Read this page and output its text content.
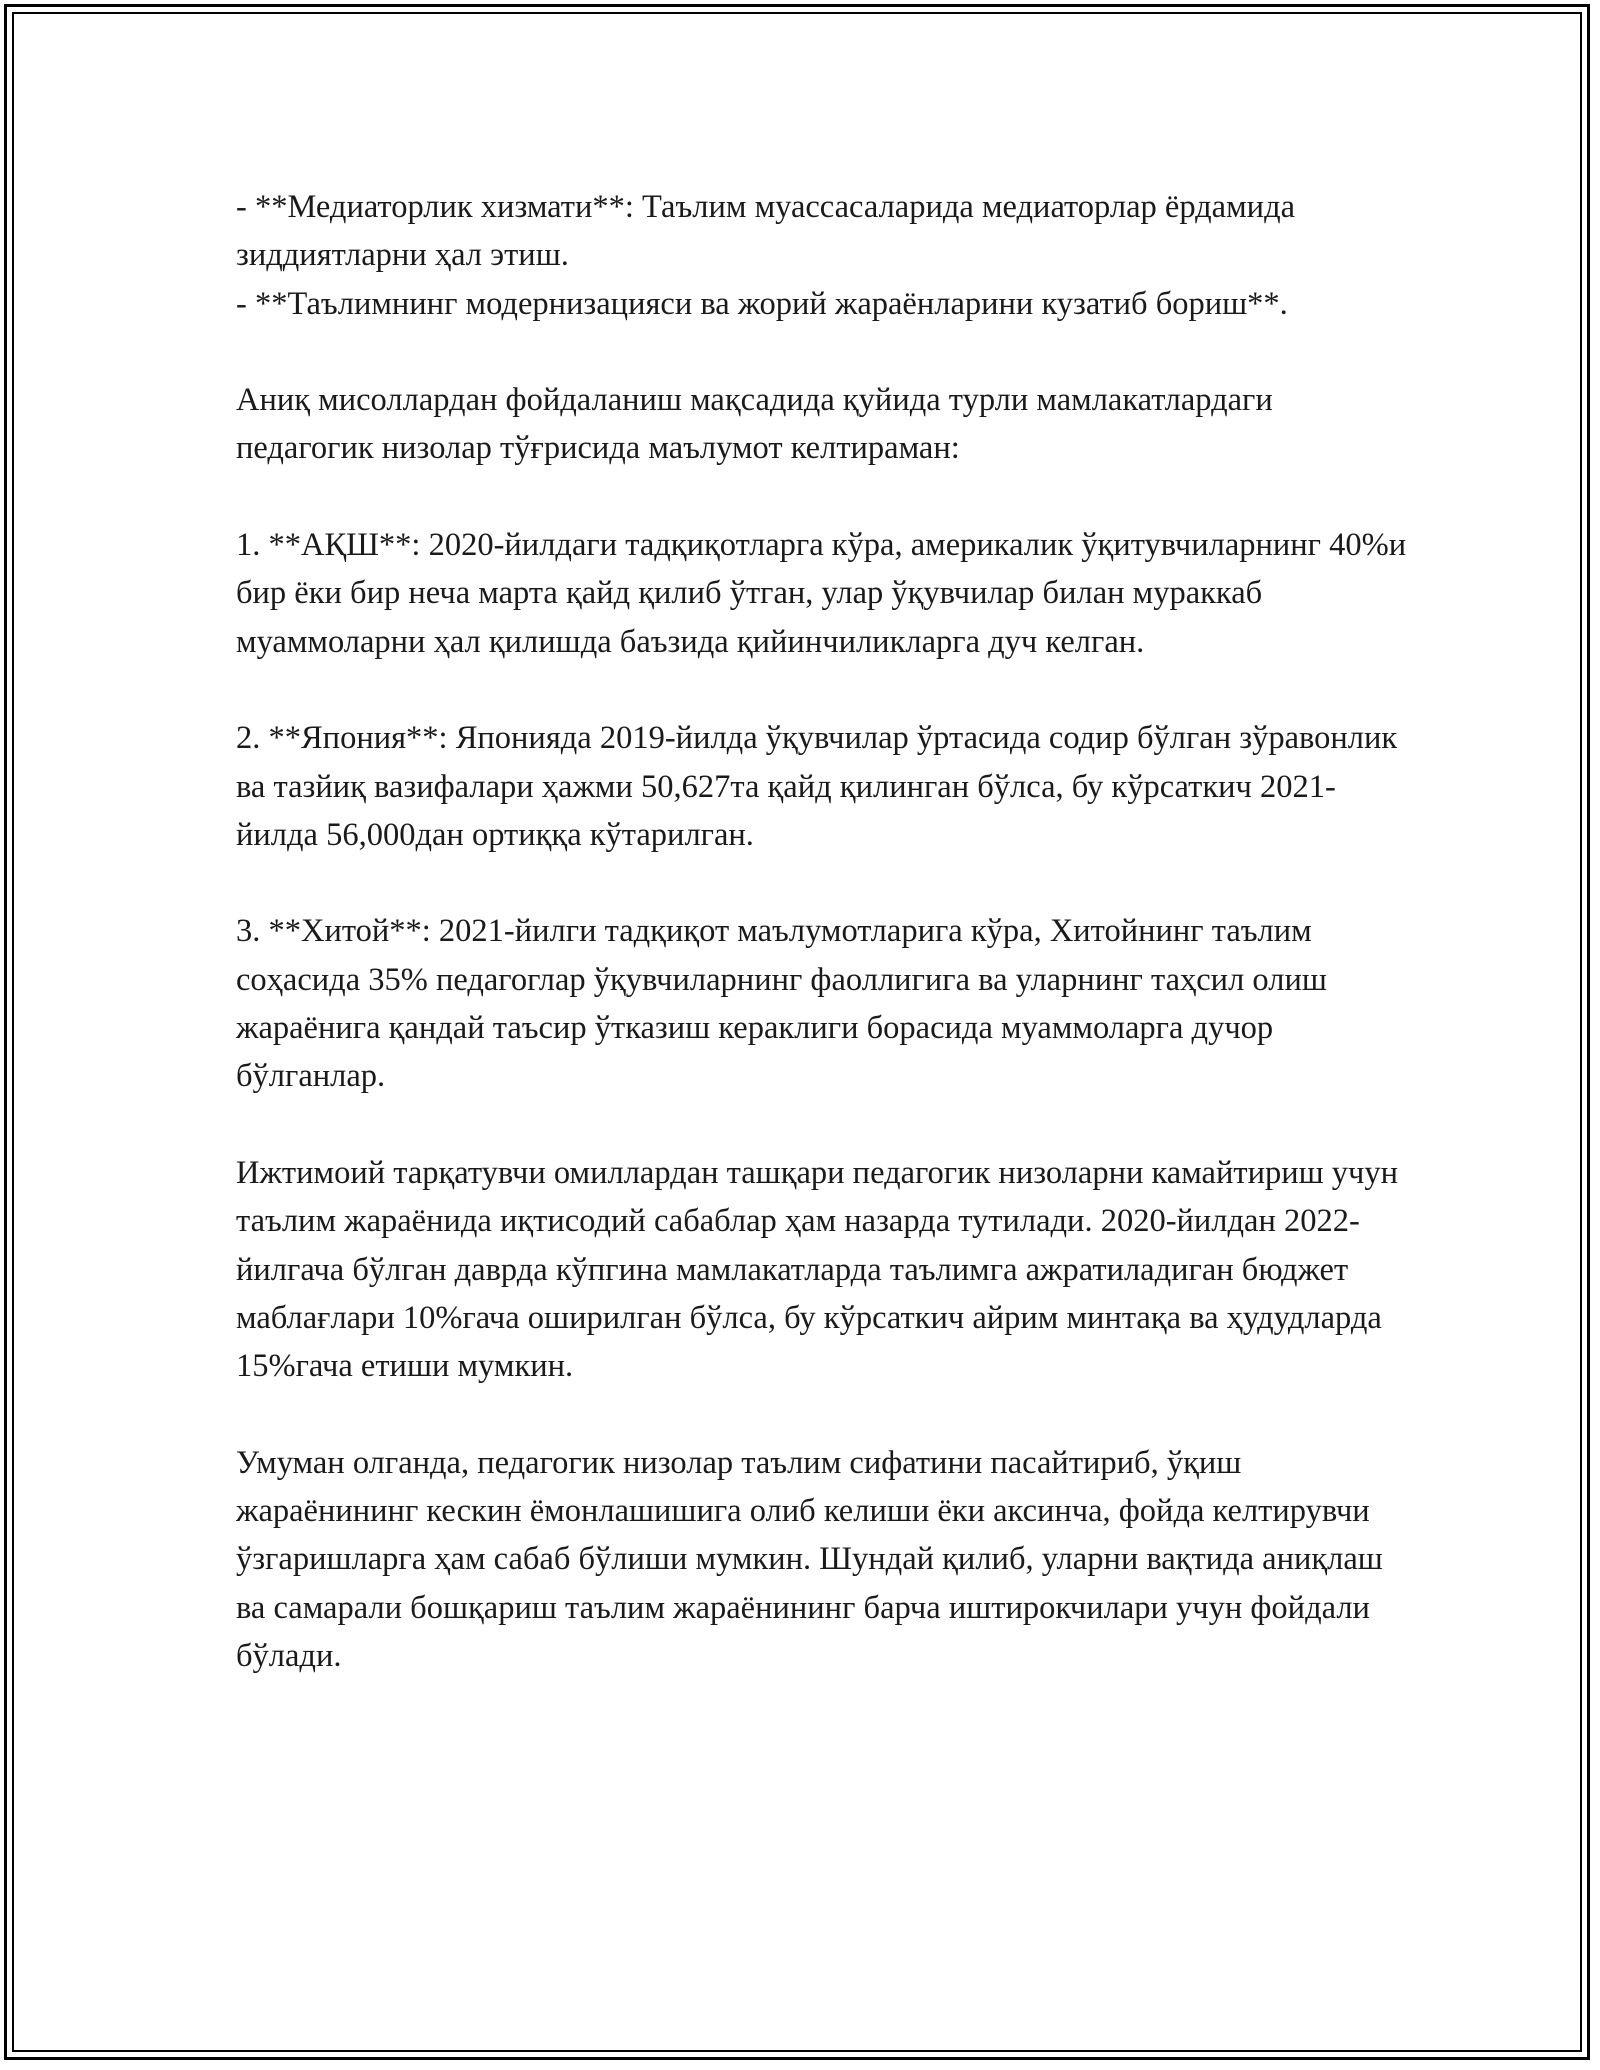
- **Медиаторлик хизмати**: Таълим муассасаларида медиаторлар ёрдамида зиддиятларни ҳал этиш.

- **Таълимнинг модернизацияси ва жорий жараёнларини кузатиб бориш**.

Аниқ мисоллардан фойдаланиш мақсадида қуйида турли мамлакатлардаги педагогик низолар тўғрисида маълумот келтираман:

1. **АҚШ**: 2020-йилдаги тадқиқотларга кўра, америкалик ўқитувчиларнинг 40%и бир ёки бир неча марта қайд қилиб ўтган, улар ўқувчилар билан мураккаб муаммоларни ҳал қилишда баъзида қийинчиликларга дуч келган.

2. **Япония**: Японияда 2019-йилда ўқувчилар ўртасида содир бўлган зўравонлик ва тазйиқ вазифалари ҳажми 50,627та қайд қилинган бўлса, бу кўрсаткич 2021-йилда 56,000дан ортиққа кўтарилган.

3. **Хитой**: 2021-йилги тадқиқот маълумотларига кўра, Хитойнинг таълим соҳасида 35% педагоглар ўқувчиларнинг фаоллигига ва уларнинг таҳсил олиш жараёнига қандай таъсир ўтказиш кераклиги борасида муаммоларга дучор бўлганлар.

Ижтимоий тарқатувчи омиллардан ташқари педагогик низоларни камайтириш учун таълим жараёнида иқтисодий сабаблар ҳам назарда тутилади. 2020-йилдан 2022-йилгача бўлган даврда кўпгина мамлакатларда таълимга ажратиладиган бюджет маблағлари 10%гача оширилган бўлса, бу кўрсаткич айрим минтақа ва ҳудудларда 15%гача етиши мумкин.

Умуман олганда, педагогик низолар таълим сифатини пасайтириб, ўқиш жараёнининг кескин ёмонлашишига олиб келиши ёки аксинча, фойда келтирувчи ўзгаришларга ҳам сабаб бўлиши мумкин. Шундай қилиб, уларни вақтида аниқлаш ва самарали бошқариш таълим жараёнининг барча иштирокчилари учун фойдали бўлади.
